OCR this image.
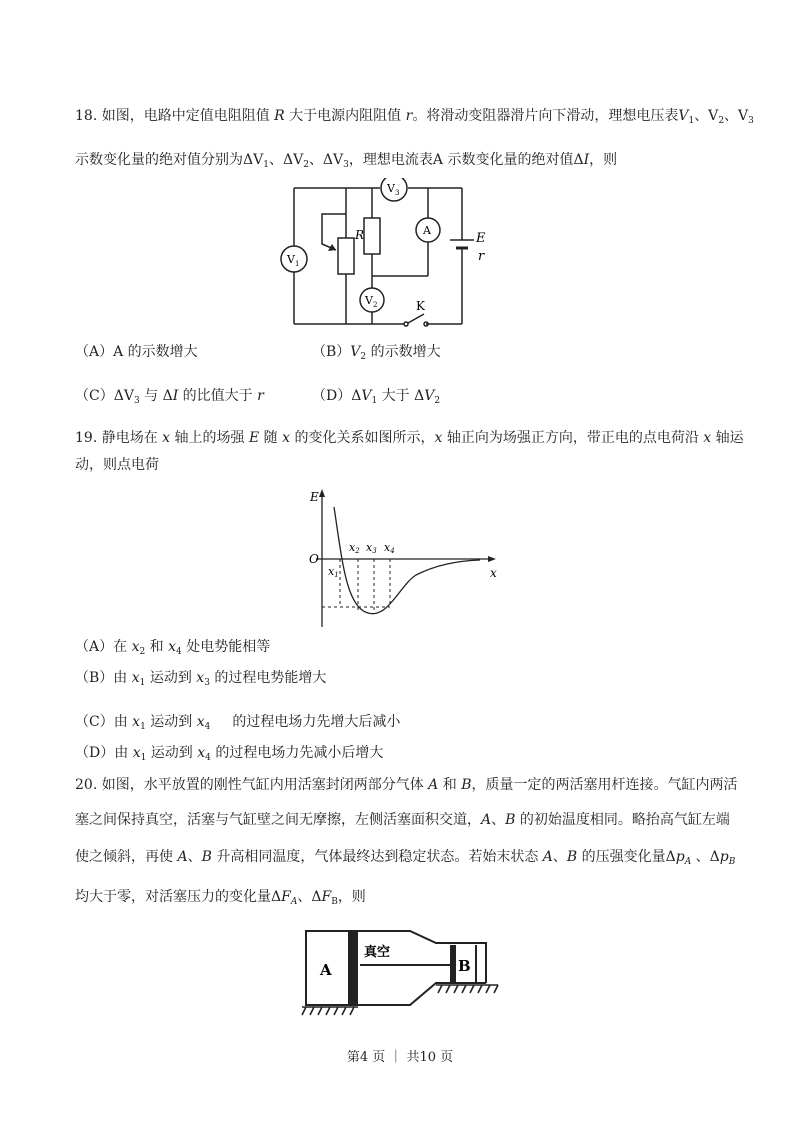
18. 如图，电路中定值电阻阻值 R 大于电源内阻阻值 r。将滑动变阻器滑片向下滑动，理想电压表$V_1$、$V_2$、$V_3$
示数变化量的绝对值分别为$\Delta V_1$、$\Delta V_2$、$\Delta V_3$，理想电流表A 示数变化量的绝对值ΔI，则
$V_3$
$V_1$
$V_2$
A
R	E
r
K
（A）A 的示数增大	$(B)V_2$ 的示数增大
$(C)\Delta V_3$ 与 ΔI 的比值大于 r	$(D)\Delta V_1$ 大于 $\Delta V_2$
19. 静电场在 x 轴上的场强 E 随 x 的变化关系如图所示，x 轴正向为场强正方向，带正电的点电荷沿 x 轴运
动，则点电荷
E
O
x
x1
x2 x3 x4
（A）在 $x_2$ 和 $x_4$ 处电势能相等
（B）由 $x_1$ 运动到 $x_3$ 的过程电势能增大
（C）由 $x_1$ 运动到 $x_4$ 的过程电场力先增大后减小
（D）由 $x_1$ 运动到 $x_4$ 的过程电场力先减小后增大
20. 如图，水平放置的刚性气缸内用活塞封闭两部分气体 A 和 B，质量一定的两活塞用杆连接。气缸内两活
塞之间保持真空，活塞与气缸壁之间无摩擦，左侧活塞面积交道，A、B 的初始温度相同。略抬高气缸左端
使之倾斜，再使 A、B 升高相同温度，气体最终达到稳定状态。若始末状态 A、B 的压强变化量$\Delta p_A$ 、$\Delta p_B$
均大于零，对活塞压力的变化量$\Delta F_A$、$\Delta F_B$，则
A
真空
B
第4 页 ｜ 共10 页
